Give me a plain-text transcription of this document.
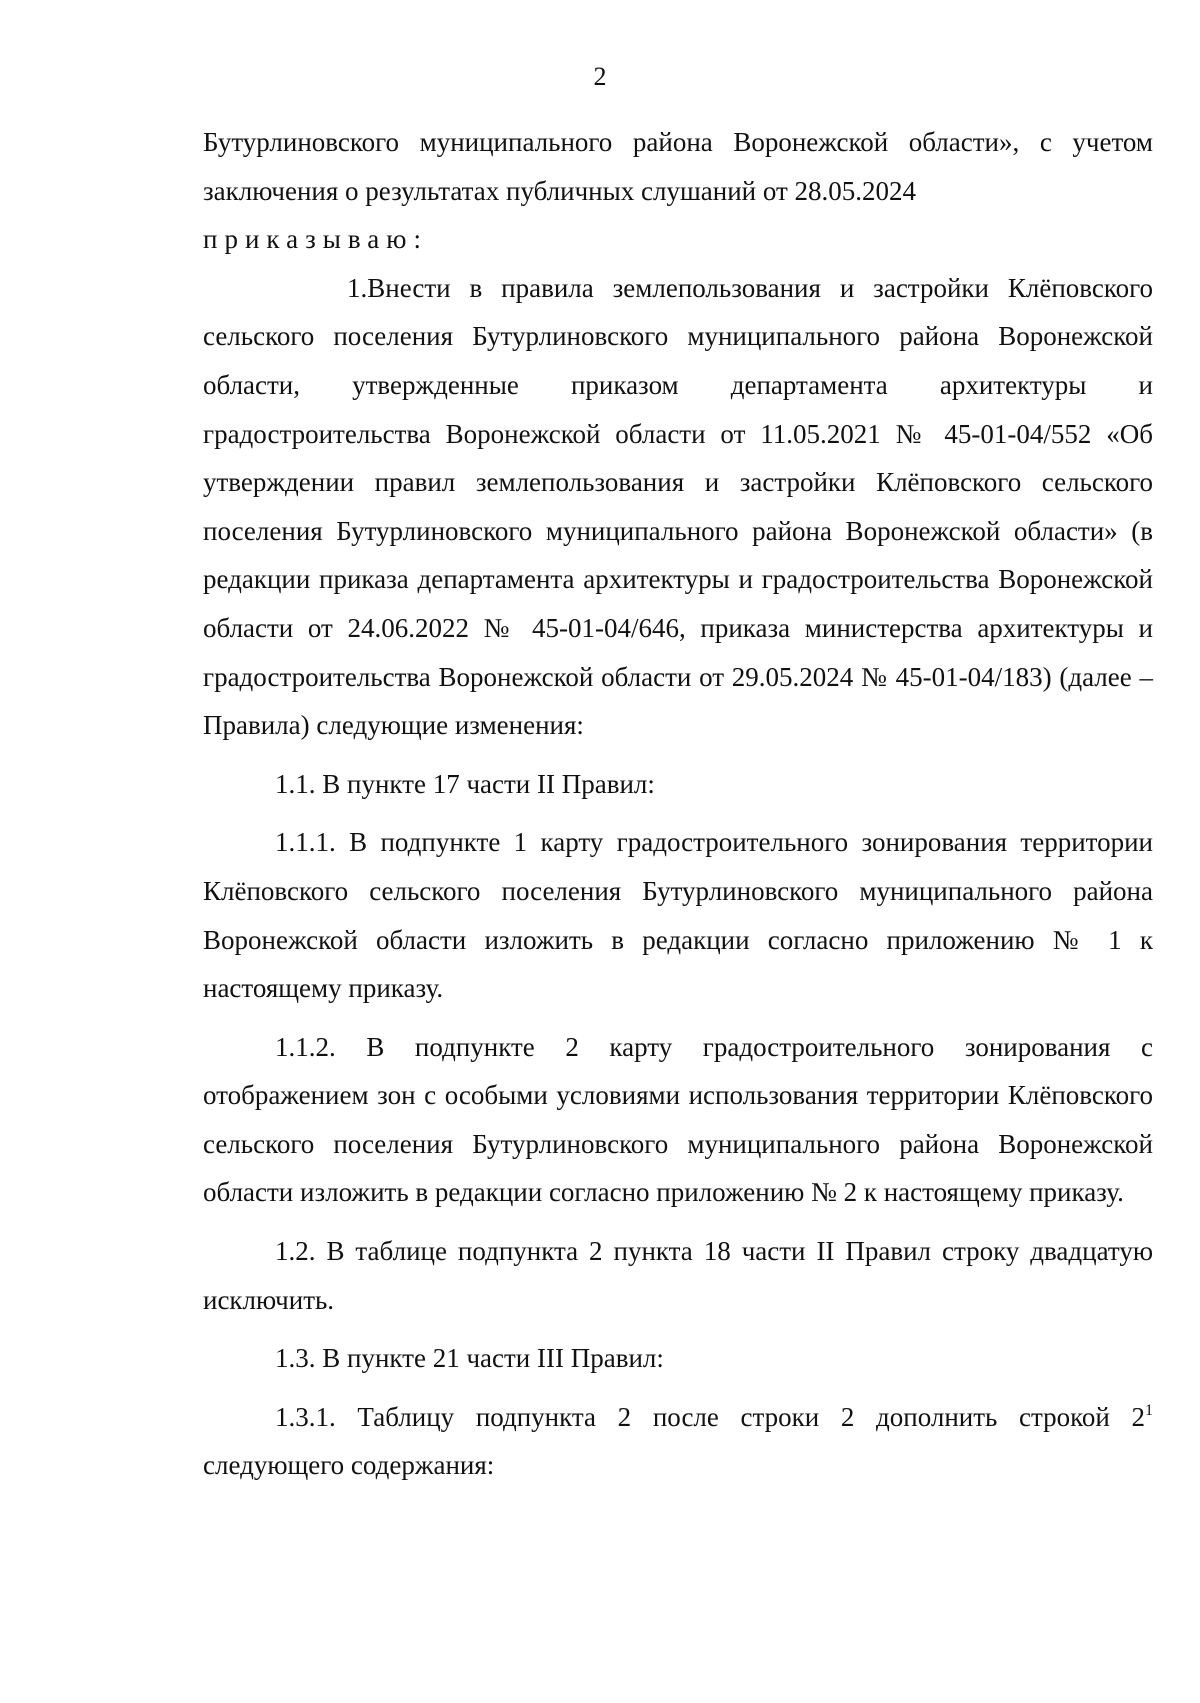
2

Бутурлиновского муниципального района Воронежской области», с учетом заключения о результатах публичных слушаний от 28.05.2024

приказываю:

1.Внести в правила землепользования и застройки Клёповского сельского поселения Бутурлиновского муниципального района Воронежской области, утвержденные приказом департамента архитектуры и градостроительства Воронежской области от 11.05.2021 № 45-01-04/552 «Об утверждении правил землепользования и застройки Клёповского сельского поселения Бутурлиновского муниципального района Воронежской области» (в редакции приказа департамента архитектуры и градостроительства Воронежской области от 24.06.2022 № 45-01-04/646, приказа министерства архитектуры и градостроительства Воронежской области от 29.05.2024 № 45-01-04/183) (далее – Правила) следующие изменения:

1.1. В пункте 17 части II Правил:

1.1.1. В подпункте 1 карту градостроительного зонирования территории Клёповского сельского поселения Бутурлиновского муниципального района Воронежской области изложить в редакции согласно приложению № 1 к настоящему приказу.

1.1.2. В подпункте 2 карту градостроительного зонирования с отображением зон с особыми условиями использования территории Клёповского сельского поселения Бутурлиновского муниципального района Воронежской области изложить в редакции согласно приложению № 2 к настоящему приказу.

1.2. В таблице подпункта 2 пункта 18 части II Правил строку двадцатую исключить.

1.3. В пункте 21 части III Правил:

1.3.1. Таблицу подпункта 2 после строки 2 дополнить строкой $2^1$ следующего содержания:
